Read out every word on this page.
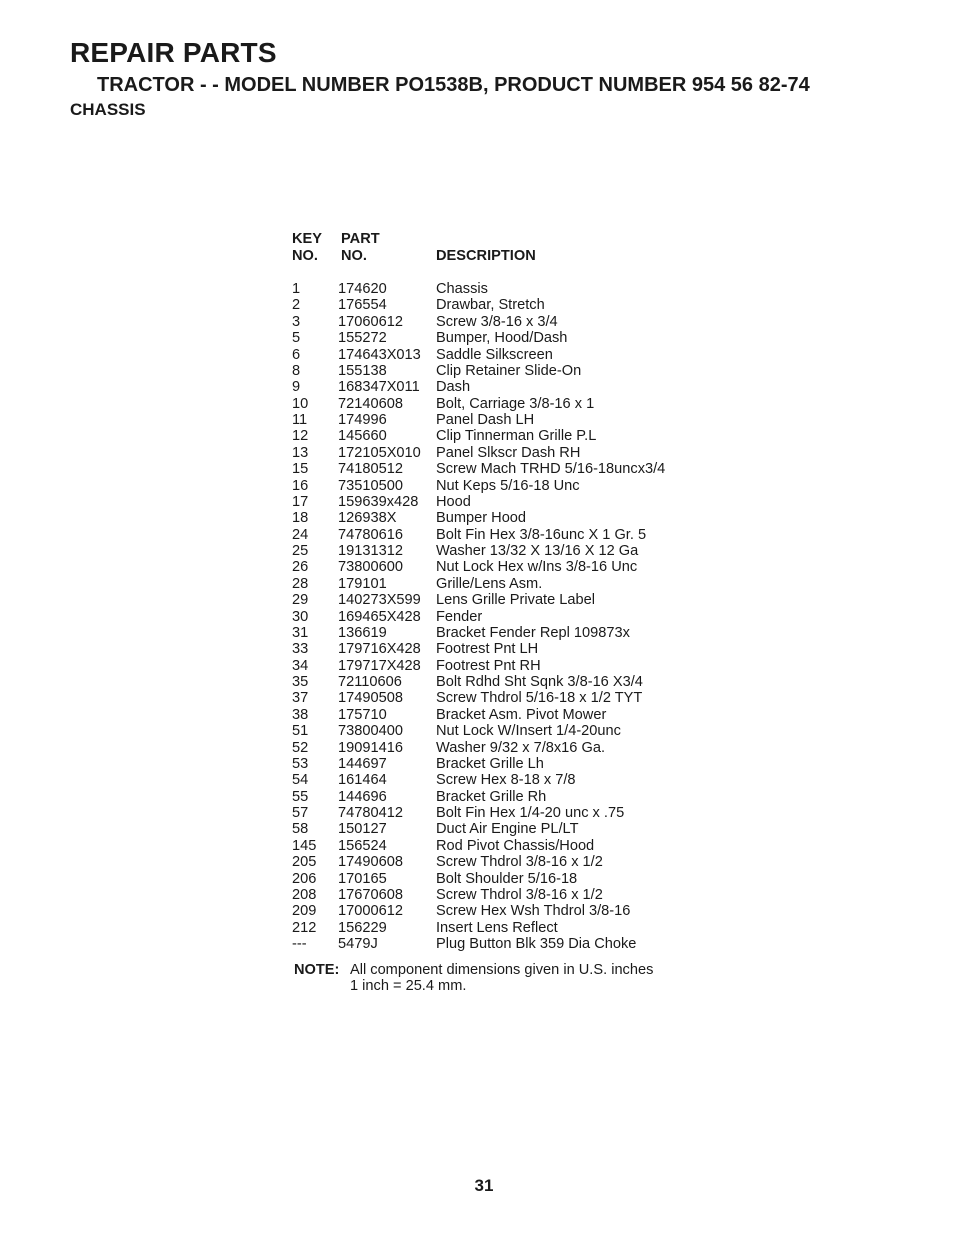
REPAIR PARTS
TRACTOR - - MODEL NUMBER PO1538B, PRODUCT NUMBER 954 56 82-74
CHASSIS
KEY PART
NO. NO.	DESCRIPTION
1	174620	Chassis
2	176554	Drawbar, Stretch
3	17060612 Screw 3/8-16 x 3/4
5	155272	Bumper, Hood/Dash
6	174643X013 Saddle Silkscreen
8	155138	Clip Retainer Slide-On
9	168347X011 Dash
10 72140608 Bolt, Carriage 3/8-16 x 1
11 174996	Panel Dash LH
12 145660	Clip Tinnerman Grille P.L
13 172105X010 Panel Slkscr Dash RH
15 74180512 Screw Mach TRHD 5/16-18uncx3/4
16 73510500 Nut Keps 5/16-18 Unc
17 159639x428 Hood
18 126938X	Bumper Hood
24 74780616 Bolt Fin Hex 3/8-16unc X 1 Gr. 5
25 19131312 Washer 13/32 X 13/16 X 12 Ga
26 73800600 Nut Lock Hex w/Ins 3/8-16 Unc
28 179101	Grille/Lens Asm.
29 140273X599 Lens Grille Private Label
30 169465X428 Fender
31 136619	Bracket Fender Repl 109873x
33 179716X428 Footrest Pnt LH
34 179717X428 Footrest Pnt RH
35 72110606 Bolt Rdhd Sht Sqnk 3/8-16 X3/4
37 17490508 Screw Thdrol 5/16-18 x 1/2 TYT
38 175710	Bracket Asm. Pivot Mower
51 73800400 Nut Lock W/Insert 1/4-20unc
52 19091416 Washer 9/32 x 7/8x16 Ga.
53 144697	Bracket Grille Lh
54 161464	Screw Hex 8-18 x 7/8
55 144696	Bracket Grille Rh
57 74780412 Bolt Fin Hex 1/4-20 unc x .75
58 150127	Duct Air Engine PL/LT
145 156524	Rod Pivot Chassis/Hood
205 17490608 Screw Thdrol 3/8-16 x 1/2
206 170165	Bolt Shoulder 5/16-18
208 17670608 Screw Thdrol 3/8-16 x 1/2
209 17000612 Screw Hex Wsh Thdrol 3/8-16
212 156229	Insert Lens Reflect
--- 5479J	Plug Button Blk 359 Dia Choke
NOTE: All component dimensions given in U.S. inches
1 inch = 25.4 mm.
31
